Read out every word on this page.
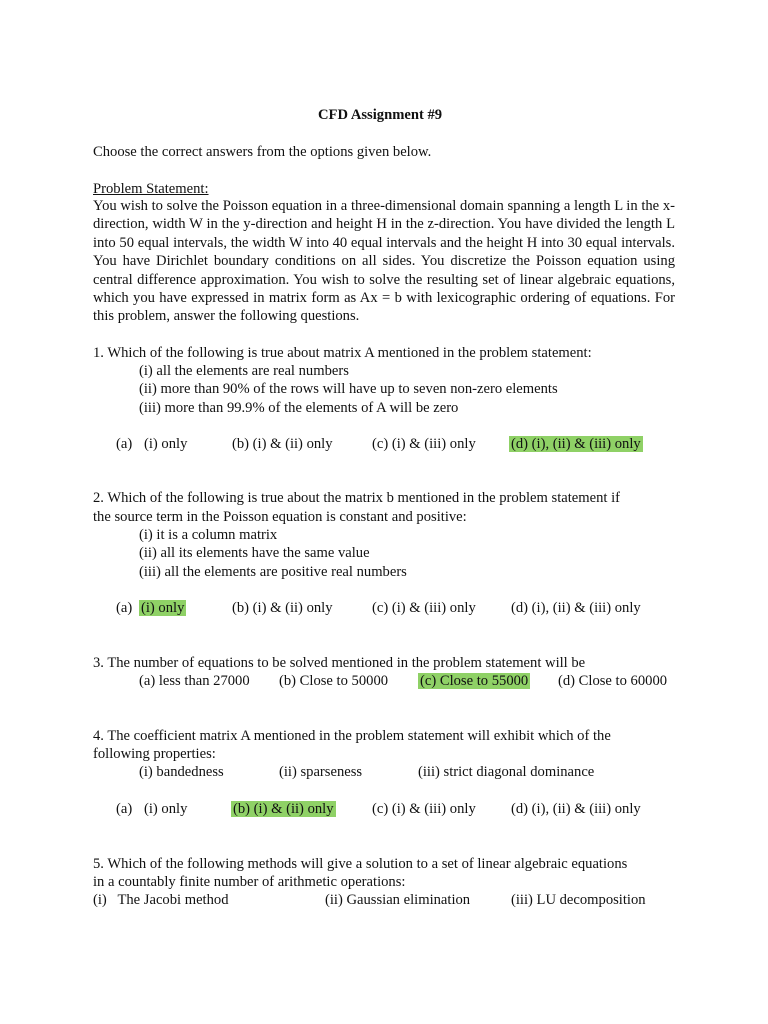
CFD Assignment #9
Choose the correct answers from the options given below.
Problem Statement:
You wish to solve the Poisson equation in a three-dimensional domain spanning a length L in the x-direction, width W in the y-direction and height H in the z-direction. You have divided the length L into 50 equal intervals, the width W into 40 equal intervals and the height H into 30 equal intervals. You have Dirichlet boundary conditions on all sides. You discretize the Poisson equation using central difference approximation. You wish to solve the resulting set of linear algebraic equations, which you have expressed in matrix form as Ax = b with lexicographic ordering of equations. For this problem, answer the following questions.
1. Which of the following is true about matrix A mentioned in the problem statement:
(i) all the elements are real numbers
(ii) more than 90% of the rows will have up to seven non-zero elements
(iii) more than 99.9% of the elements of A will be zero
(a) (i) only	(b) (i) & (ii) only	(c) (i) & (iii) only (d) (i), (ii) & (iii) only
2. Which of the following is true about the matrix b mentioned in the problem statement if
the source term in the Poisson equation is constant and positive:
(i) it is a column matrix
(ii) all its elements have the same value
(iii) all the elements are positive real numbers
(a) (i) only	(b) (i) & (ii) only	(c) (i) & (iii) only (d) (i), (ii) & (iii) only
3. The number of equations to be solved mentioned in the problem statement will be
(a) less than 27000 (b) Close to 50000 (c) Close to 55000 (d) Close to 60000
4. The coefficient matrix A mentioned in the problem statement will exhibit which of the
following properties:
(i) bandedness	(ii) sparseness	(iii) strict diagonal dominance
(a) (i) only	(b) (i) & (ii) only	(c) (i) & (iii) only (d) (i), (ii) & (iii) only
5. Which of the following methods will give a solution to a set of linear algebraic equations
in a countably finite number of arithmetic operations:
(i)   The Jacobi method	(ii) Gaussian elimination	(iii) LU decomposition
